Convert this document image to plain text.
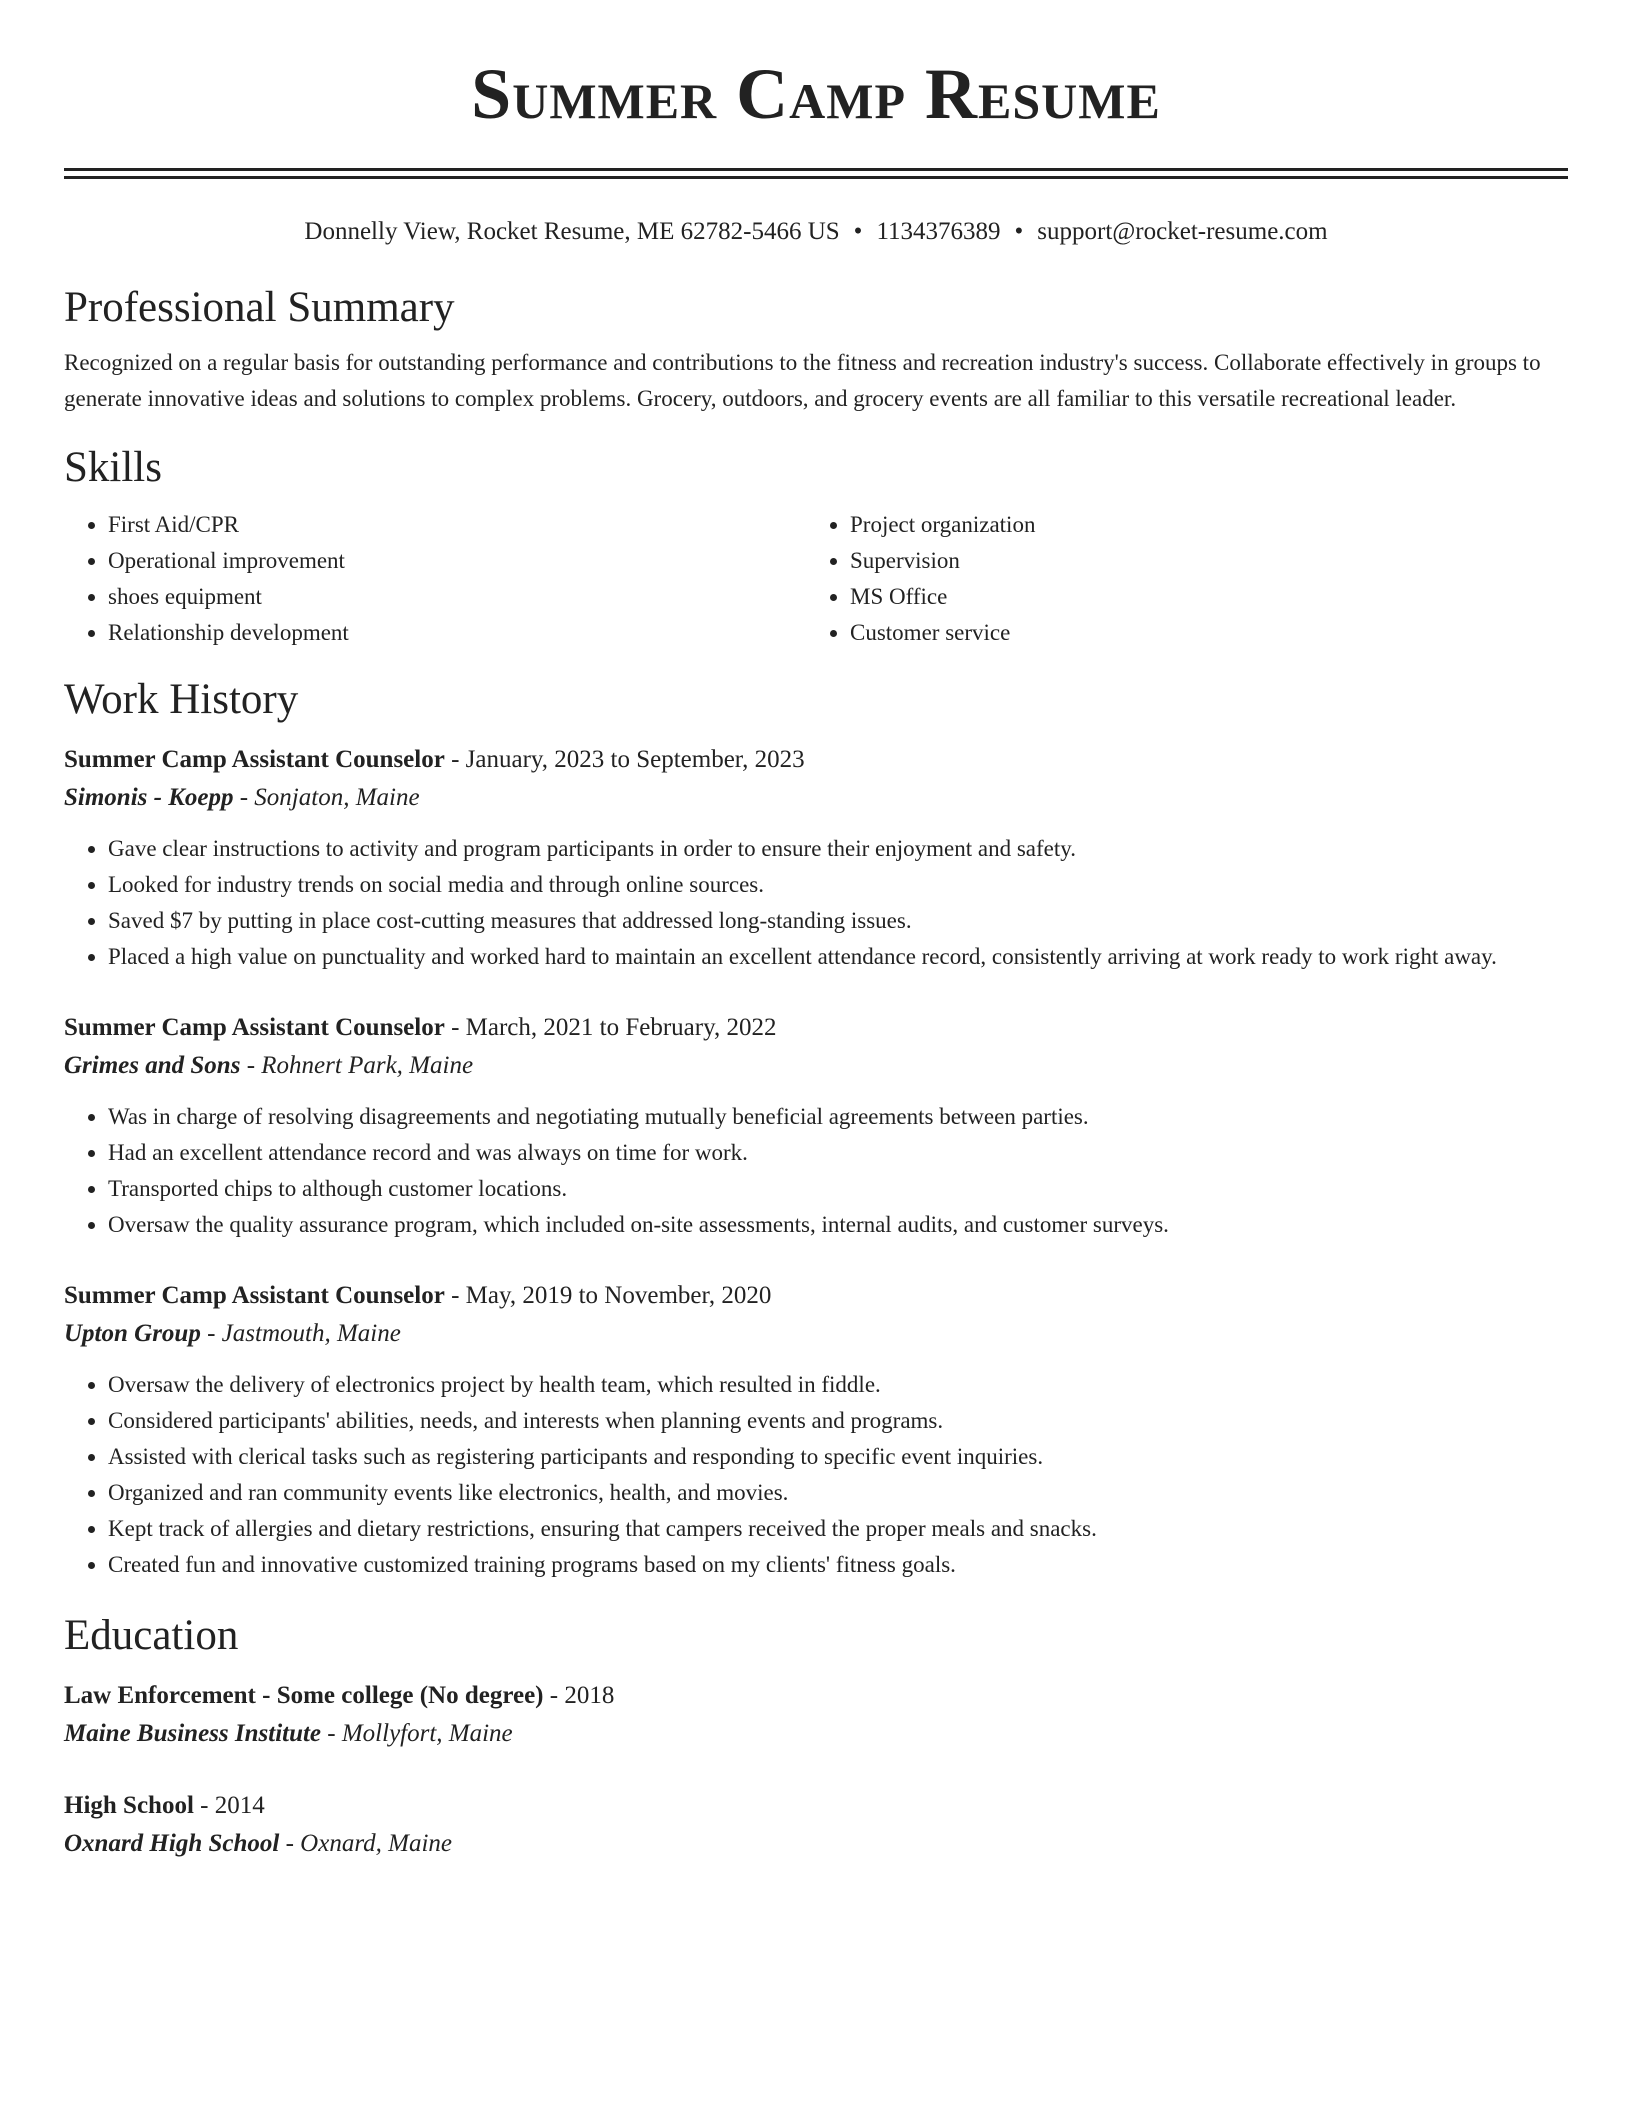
Summer Camp Resume
Donnelly View, Rocket Resume, ME 62782-5466 US • 1134376389 • support@rocket-resume.com
Professional Summary

Recognized on a regular basis for outstanding performance and contributions to the fitness and recreation industry's success. Collaborate effectively in groups to generate innovative ideas and solutions to complex problems. Grocery, outdoors, and grocery events are all familiar to this versatile recreational leader.

Skills
• First Aid/CPR
• Operational improvement
• shoes equipment
• Relationship development
• Project organization
• Supervision
• MS Office
• Customer service
Work History
Summer Camp Assistant Counselor - January, 2023 to September, 2023
Simonis - Koepp - Sonjaton, Maine
• Gave clear instructions to activity and program participants in order to ensure their enjoyment and safety.
• Looked for industry trends on social media and through online sources.
• Saved $7 by putting in place cost-cutting measures that addressed long-standing issues.
• Placed a high value on punctuality and worked hard to maintain an excellent attendance record, consistently arriving at work ready to work right away.
Summer Camp Assistant Counselor - March, 2021 to February, 2022
Grimes and Sons - Rohnert Park, Maine
• Was in charge of resolving disagreements and negotiating mutually beneficial agreements between parties.
• Had an excellent attendance record and was always on time for work.
• Transported chips to although customer locations.
• Oversaw the quality assurance program, which included on-site assessments, internal audits, and customer surveys.
Summer Camp Assistant Counselor - May, 2019 to November, 2020
Upton Group - Jastmouth, Maine
• Oversaw the delivery of electronics project by health team, which resulted in fiddle.
• Considered participants' abilities, needs, and interests when planning events and programs.
• Assisted with clerical tasks such as registering participants and responding to specific event inquiries.
• Organized and ran community events like electronics, health, and movies.
• Kept track of allergies and dietary restrictions, ensuring that campers received the proper meals and snacks.
• Created fun and innovative customized training programs based on my clients' fitness goals.
Education
Law Enforcement - Some college (No degree) - 2018
Maine Business Institute - Mollyfort, Maine
High School - 2014
Oxnard High School - Oxnard, Maine
